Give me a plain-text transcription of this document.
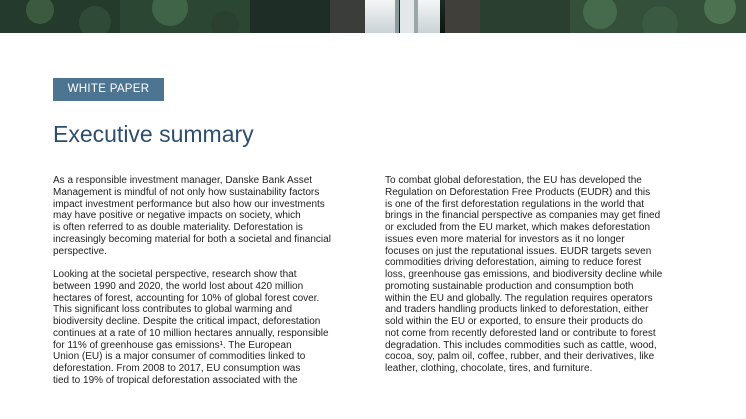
WHITE PAPER
Executive summary

As a responsible investment manager, Danske Bank Asset
Management is mindful of not only how sustainability factors
impact investment performance but also how our investments
may have positive or negative impacts on society, which
is often referred to as double materiality. Deforestation is
increasingly becoming material for both a societal and financial
perspective.

Looking at the societal perspective, research show that
between 1990 and 2020, the world lost about 420 million
hectares of forest, accounting for 10% of global forest cover.
This significant loss contributes to global warming and
biodiversity decline. Despite the critical impact, deforestation
continues at a rate of 10 million hectares annually, responsible
for 11% of greenhouse gas emissions¹. The European
Union (EU) is a major consumer of commodities linked to
deforestation. From 2008 to 2017, EU consumption was
tied to 19% of tropical deforestation associated with the

To combat global deforestation, the EU has developed the
Regulation on Deforestation Free Products (EUDR) and this
is one of the first deforestation regulations in the world that
brings in the financial perspective as companies may get fined
or excluded from the EU market, which makes deforestation
issues even more material for investors as it no longer
focuses on just the reputational issues. EUDR targets seven
commodities driving deforestation, aiming to reduce forest
loss, greenhouse gas emissions, and biodiversity decline while
promoting sustainable production and consumption both
within the EU and globally. The regulation requires operators
and traders handling products linked to deforestation, either
sold within the EU or exported, to ensure their products do
not come from recently deforested land or contribute to forest
degradation. This includes commodities such as cattle, wood,
cocoa, soy, palm oil, coffee, rubber, and their derivatives, like
leather, clothing, chocolate, tires, and furniture.
